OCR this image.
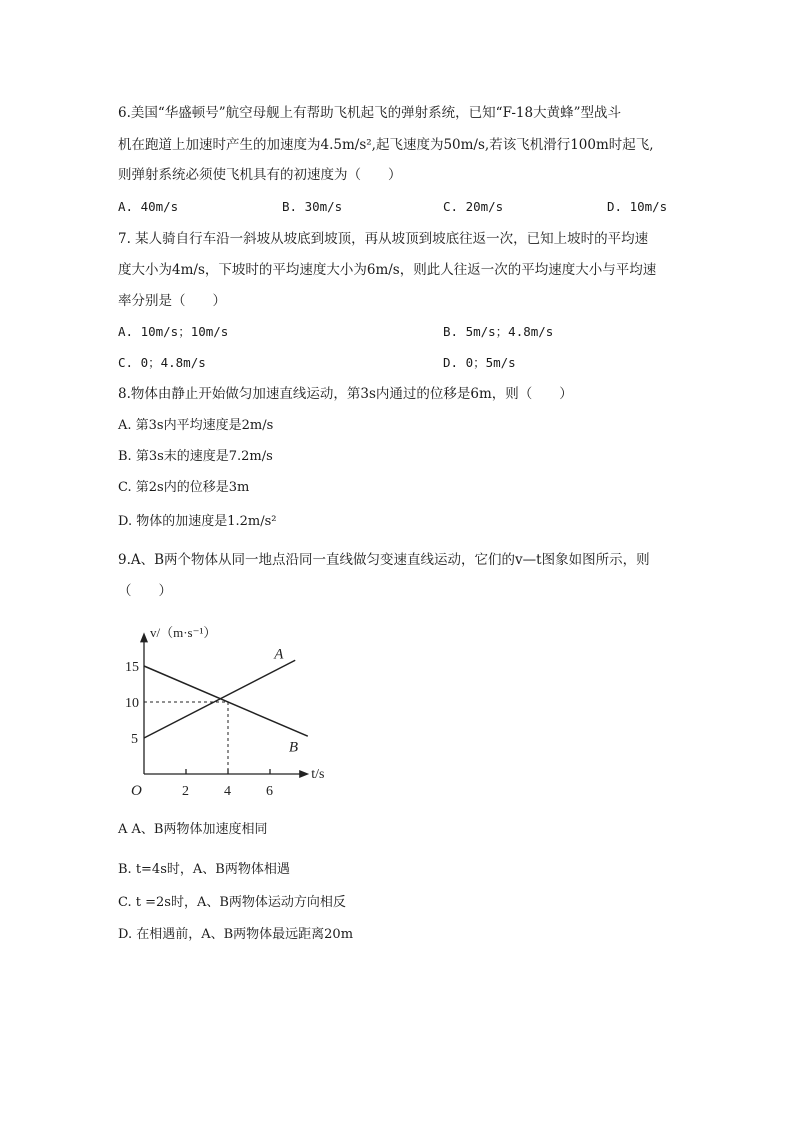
6.美国“华盛顿号”航空母舰上有帮助飞机起飞的弹射系统，已知“F-18大黄蜂”型战斗
机在跑道上加速时产生的加速度为4.5m/s²,起飞速度为50m/s,若该飞机滑行100m时起飞,
则弹射系统必须使飞机具有的初速度为（　　）
A. 40m/s	B. 30m/s	C. 20m/s	D. 10m/s
7. 某人骑自行车沿一斜坡从坡底到坡顶，再从坡顶到坡底往返一次，已知上坡时的平均速
度大小为4m/s，下坡时的平均速度大小为6m/s，则此人往返一次的平均速度大小与平均速
率分别是（　　）
A. 10m/s；10m/s	B. 5m/s；4.8m/s
C. 0；4.8m/s	D. 0；5m/s
8.物体由静止开始做匀加速直线运动，第3s内通过的位移是6m，则（　　）
A. 第3s内平均速度是2m/s
B. 第3s末的速度是7.2m/s
C. 第2s内的位移是3m
D. 物体的加速度是1.2m/s²
9.A、B两个物体从同一地点沿同一直线做匀变速直线运动，它们的v—t图象如图所示，则
（　　）
2	4	6
5
10
15
A
B
v/（m·s⁻¹）
t/s
O
A A、B两物体加速度相同
B. t=4s时，A、B两物体相遇
C. t =2s时，A、B两物体运动方向相反
D. 在相遇前，A、B两物体最远距离20m
